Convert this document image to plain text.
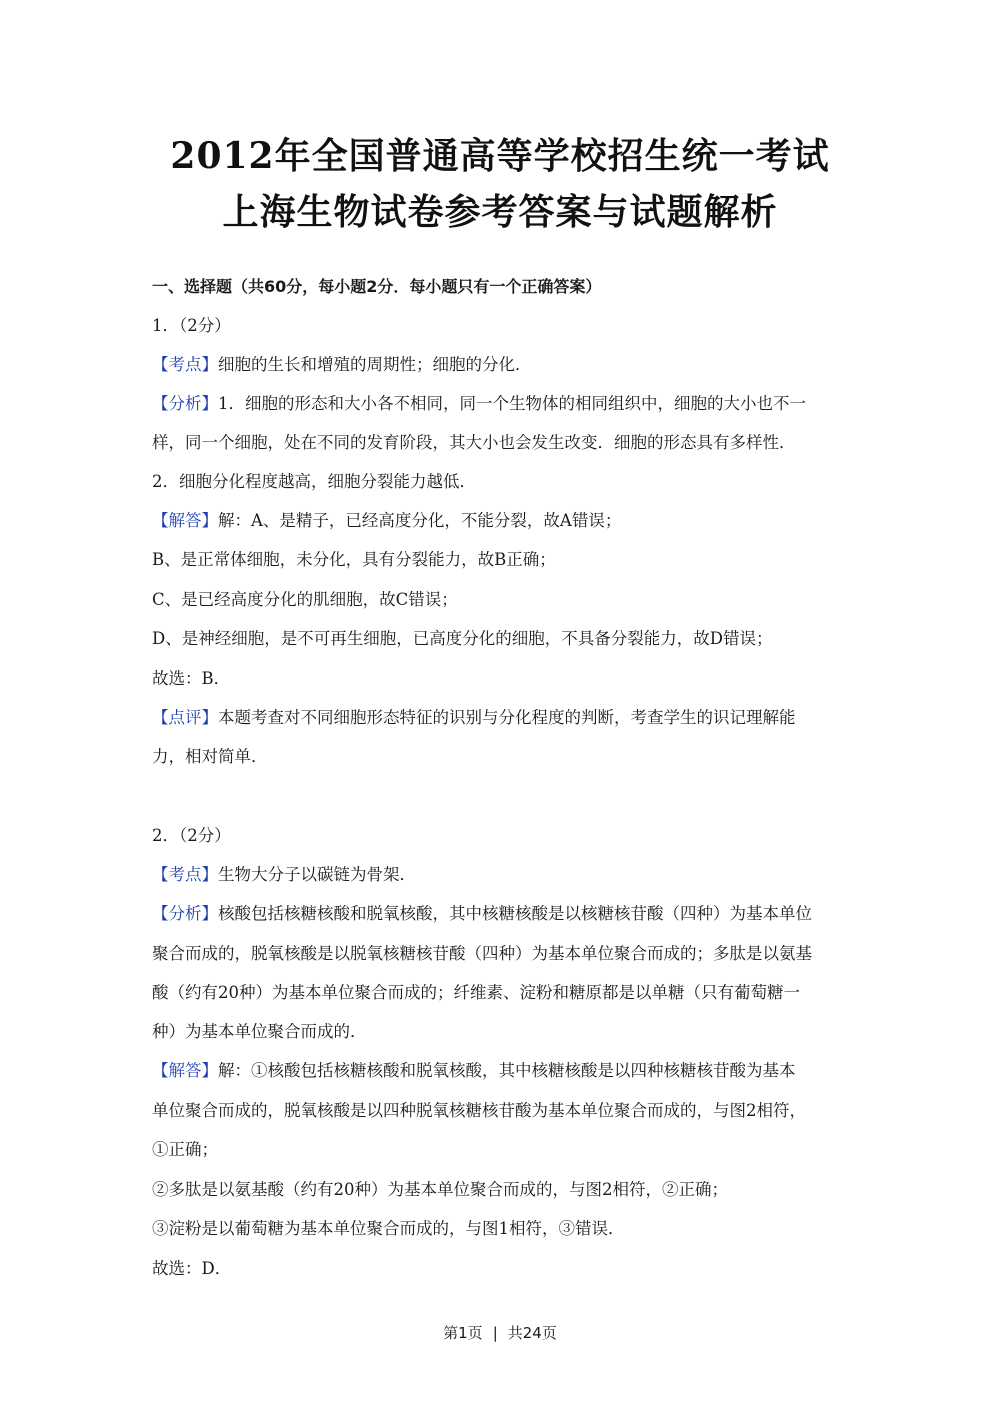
2012年全国普通高等学校招生统一考试
上海生物试卷参考答案与试题解析
一、选择题（共60分，每小题2分．每小题只有一个正确答案）
1．（2分）
【考点】细胞的生长和增殖的周期性；细胞的分化．
【分析】1．细胞的形态和大小各不相同，同一个生物体的相同组织中，细胞的大小也不一
样，同一个细胞，处在不同的发育阶段，其大小也会发生改变．细胞的形态具有多样性．
2．细胞分化程度越高，细胞分裂能力越低．
【解答】解：A、是精子，已经高度分化，不能分裂，故A错误；
B、是正常体细胞，未分化，具有分裂能力，故B正确；
C、是已经高度分化的肌细胞，故C错误；
D、是神经细胞，是不可再生细胞，已高度分化的细胞，不具备分裂能力，故D错误；
故选：B．
【点评】本题考查对不同细胞形态特征的识别与分化程度的判断，考查学生的识记理解能
力，相对简单．
2．（2分）
【考点】生物大分子以碳链为骨架．
【分析】核酸包括核糖核酸和脱氧核酸，其中核糖核酸是以核糖核苷酸（四种）为基本单位
聚合而成的，脱氧核酸是以脱氧核糖核苷酸（四种）为基本单位聚合而成的；多肽是以氨基
酸（约有20种）为基本单位聚合而成的；纤维素、淀粉和糖原都是以单糖（只有葡萄糖一
种）为基本单位聚合而成的．
【解答】解：①核酸包括核糖核酸和脱氧核酸，其中核糖核酸是以四种核糖核苷酸为基本
单位聚合而成的，脱氧核酸是以四种脱氧核糖核苷酸为基本单位聚合而成的，与图2相符，
①正确；
②多肽是以氨基酸（约有20种）为基本单位聚合而成的，与图2相符，②正确；
③淀粉是以葡萄糖为基本单位聚合而成的，与图1相符，③错误．
故选：D．
第1页 | 共24页
